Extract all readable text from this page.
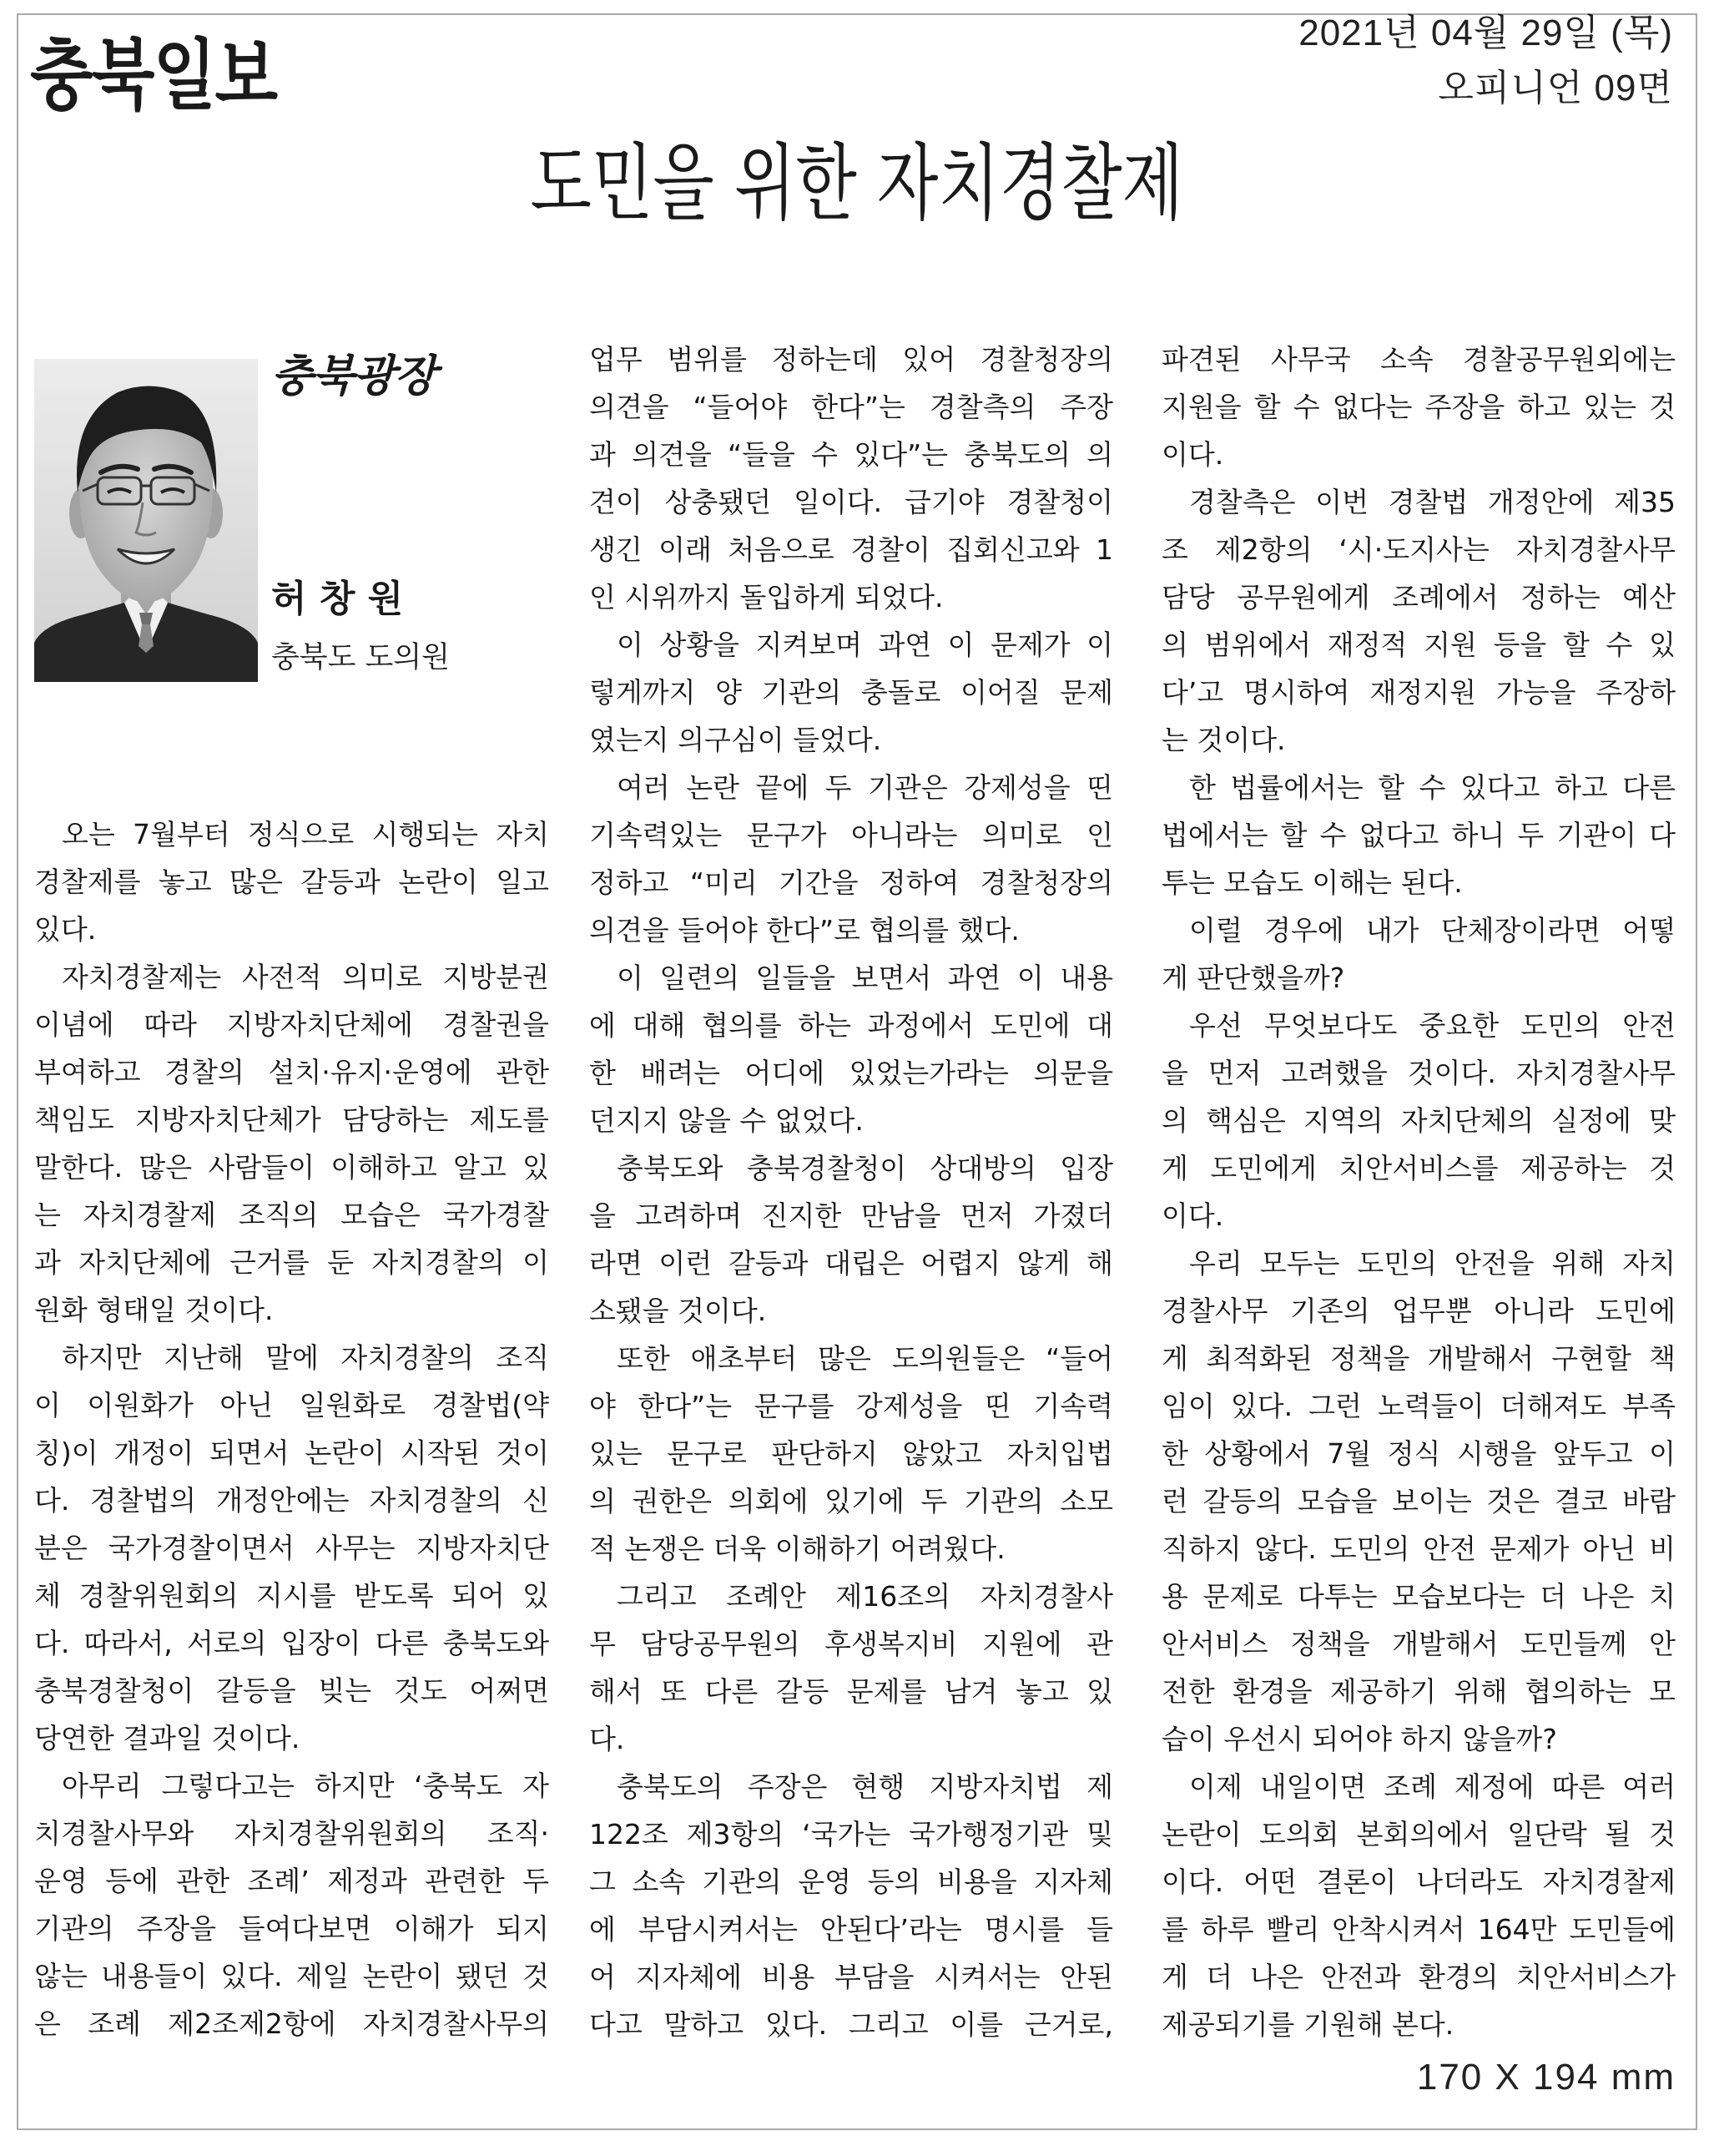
충북일보	2021년 04월 29일 (목)
오피니언 09면
도민을 위한 자치경찰제
충북광장
허 창 원
충북도 도의원
오는 7월부터 정식으로 시행되는 자치
경찰제를 놓고 많은 갈등과 논란이 일고
있다.
자치경찰제는 사전적 의미로 지방분권
이념에 따라 지방자치단체에 경찰권을
부여하고 경찰의 설치·유지·운영에 관한
책임도 지방자치단체가 담당하는 제도를
말한다. 많은 사람들이 이해하고 알고 있
는 자치경찰제 조직의 모습은 국가경찰
과 자치단체에 근거를 둔 자치경찰의 이
원화 형태일 것이다.
하지만 지난해 말에 자치경찰의 조직
이 이원화가 아닌 일원화로 경찰법(약
칭)이 개정이 되면서 논란이 시작된 것이
다. 경찰법의 개정안에는 자치경찰의 신
분은 국가경찰이면서 사무는 지방자치단
체 경찰위원회의 지시를 받도록 되어 있
다. 따라서, 서로의 입장이 다른 충북도와
충북경찰청이 갈등을 빚는 것도 어쩌면
당연한 결과일 것이다.
아무리 그렇다고는 하지만 ‘충북도 자
치경찰사무와 자치경찰위원회의 조직·
운영 등에 관한 조례’ 제정과 관련한 두
기관의 주장을 들여다보면 이해가 되지
않는 내용들이 있다. 제일 논란이 됐던 것
은 조례 제2조제2항에 자치경찰사무의
업무 범위를 정하는데 있어 경찰청장의
의견을 “들어야 한다”는 경찰측의 주장
과 의견을 “들을 수 있다”는 충북도의 의
견이 상충됐던 일이다. 급기야 경찰청이
생긴 이래 처음으로 경찰이 집회신고와 1
인 시위까지 돌입하게 되었다.
이 상황을 지켜보며 과연 이 문제가 이
렇게까지 양 기관의 충돌로 이어질 문제
였는지 의구심이 들었다.
여러 논란 끝에 두 기관은 강제성을 띤
기속력있는 문구가 아니라는 의미로 인
정하고 “미리 기간을 정하여 경찰청장의
의견을 들어야 한다”로 협의를 했다.
이 일련의 일들을 보면서 과연 이 내용
에 대해 협의를 하는 과정에서 도민에 대
한 배려는 어디에 있었는가라는 의문을
던지지 않을 수 없었다.
충북도와 충북경찰청이 상대방의 입장
을 고려하며 진지한 만남을 먼저 가졌더
라면 이런 갈등과 대립은 어렵지 않게 해
소됐을 것이다.
또한 애초부터 많은 도의원들은 “들어
야 한다”는 문구를 강제성을 띤 기속력
있는 문구로 판단하지 않았고 자치입법
의 권한은 의회에 있기에 두 기관의 소모
적 논쟁은 더욱 이해하기 어려웠다.
그리고 조례안 제16조의 자치경찰사
무 담당공무원의 후생복지비 지원에 관
해서 또 다른 갈등 문제를 남겨 놓고 있
다.
충북도의 주장은 현행 지방자치법 제
122조 제3항의 ‘국가는 국가행정기관 및
그 소속 기관의 운영 등의 비용을 지자체
에 부담시켜서는 안된다’라는 명시를 들
어 지자체에 비용 부담을 시켜서는 안된
다고 말하고 있다. 그리고 이를 근거로,
파견된 사무국 소속 경찰공무원외에는
지원을 할 수 없다는 주장을 하고 있는 것
이다.
경찰측은 이번 경찰법 개정안에 제35
조 제2항의 ‘시·도지사는 자치경찰사무
담당 공무원에게 조례에서 정하는 예산
의 범위에서 재정적 지원 등을 할 수 있
다’고 명시하여 재정지원 가능을 주장하
는 것이다.
한 법률에서는 할 수 있다고 하고 다른
법에서는 할 수 없다고 하니 두 기관이 다
투는 모습도 이해는 된다.
이럴 경우에 내가 단체장이라면 어떻
게 판단했을까?
우선 무엇보다도 중요한 도민의 안전
을 먼저 고려했을 것이다. 자치경찰사무
의 핵심은 지역의 자치단체의 실정에 맞
게 도민에게 치안서비스를 제공하는 것
이다.
우리 모두는 도민의 안전을 위해 자치
경찰사무 기존의 업무뿐 아니라 도민에
게 최적화된 정책을 개발해서 구현할 책
임이 있다. 그런 노력들이 더해져도 부족
한 상황에서 7월 정식 시행을 앞두고 이
런 갈등의 모습을 보이는 것은 결코 바람
직하지 않다. 도민의 안전 문제가 아닌 비
용 문제로 다투는 모습보다는 더 나은 치
안서비스 정책을 개발해서 도민들께 안
전한 환경을 제공하기 위해 협의하는 모
습이 우선시 되어야 하지 않을까?
이제 내일이면 조례 제정에 따른 여러
논란이 도의회 본회의에서 일단락 될 것
이다. 어떤 결론이 나더라도 자치경찰제
를 하루 빨리 안착시켜서 164만 도민들에
게 더 나은 안전과 환경의 치안서비스가
제공되기를 기원해 본다.
170 X 194 mm
